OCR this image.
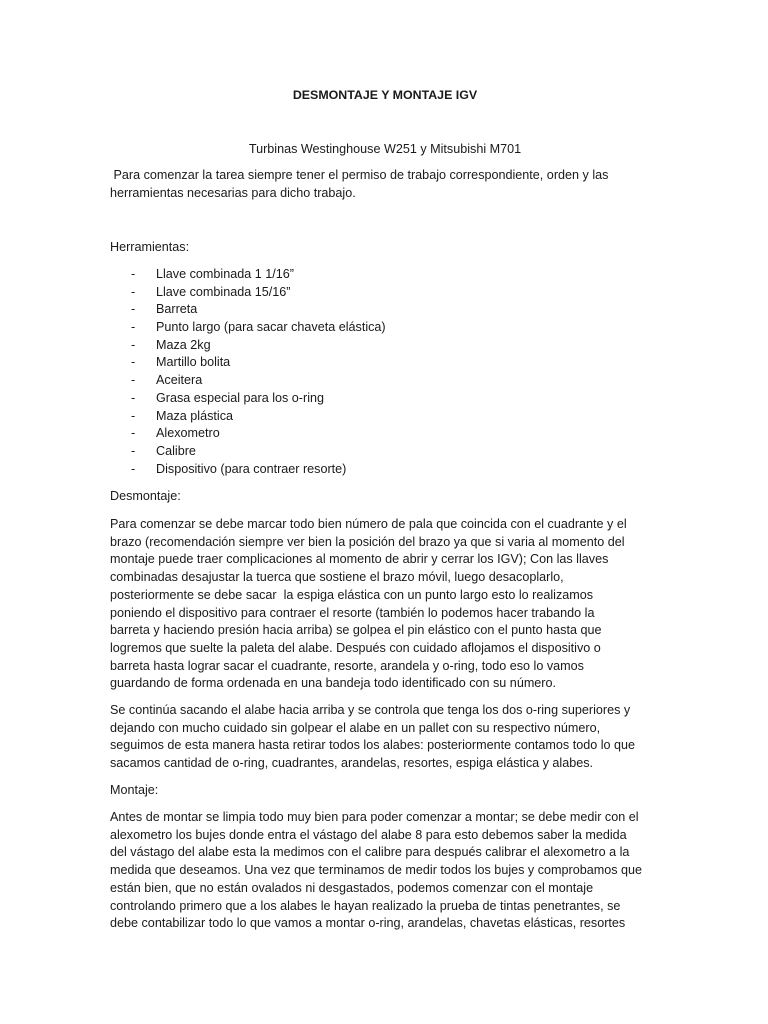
DESMONTAJE Y MONTAJE IGV

Turbinas Westinghouse W251 y Mitsubishi M701

Para comenzar la tarea siempre tener el permiso de trabajo correspondiente, orden y las
herramientas necesarias para dicho trabajo.

Herramientas:

- Llave combinada 1 1/16”
- Llave combinada 15/16”
- Barreta
- Punto largo (para sacar chaveta elástica)
- Maza 2kg
- Martillo bolita
- Aceitera
- Grasa especial para los o-ring
- Maza plástica
- Alexometro
- Calibre
- Dispositivo (para contraer resorte)

Desmontaje:

Para comenzar se debe marcar todo bien número de pala que coincida con el cuadrante y el
brazo (recomendación siempre ver bien la posición del brazo ya que si varia al momento del
montaje puede traer complicaciones al momento de abrir y cerrar los IGV); Con las llaves
combinadas desajustar la tuerca que sostiene el brazo móvil, luego desacoplarlo,
posteriormente se debe sacar  la espiga elástica con un punto largo esto lo realizamos
poniendo el dispositivo para contraer el resorte (también lo podemos hacer trabando la
barreta y haciendo presión hacia arriba) se golpea el pin elástico con el punto hasta que
logremos que suelte la paleta del alabe. Después con cuidado aflojamos el dispositivo o
barreta hasta lograr sacar el cuadrante, resorte, arandela y o-ring, todo eso lo vamos
guardando de forma ordenada en una bandeja todo identificado con su número.
Se continúa sacando el alabe hacia arriba y se controla que tenga los dos o-ring superiores y
dejando con mucho cuidado sin golpear el alabe en un pallet con su respectivo número,
seguimos de esta manera hasta retirar todos los alabes: posteriormente contamos todo lo que
sacamos cantidad de o-ring, cuadrantes, arandelas, resortes, espiga elástica y alabes.

Montaje:

Antes de montar se limpia todo muy bien para poder comenzar a montar; se debe medir con el
alexometro los bujes donde entra el vástago del alabe 8 para esto debemos saber la medida
del vástago del alabe esta la medimos con el calibre para después calibrar el alexometro a la
medida que deseamos. Una vez que terminamos de medir todos los bujes y comprobamos que
están bien, que no están ovalados ni desgastados, podemos comenzar con el montaje
controlando primero que a los alabes le hayan realizado la prueba de tintas penetrantes, se
debe contabilizar todo lo que vamos a montar o-ring, arandelas, chavetas elásticas, resortes
